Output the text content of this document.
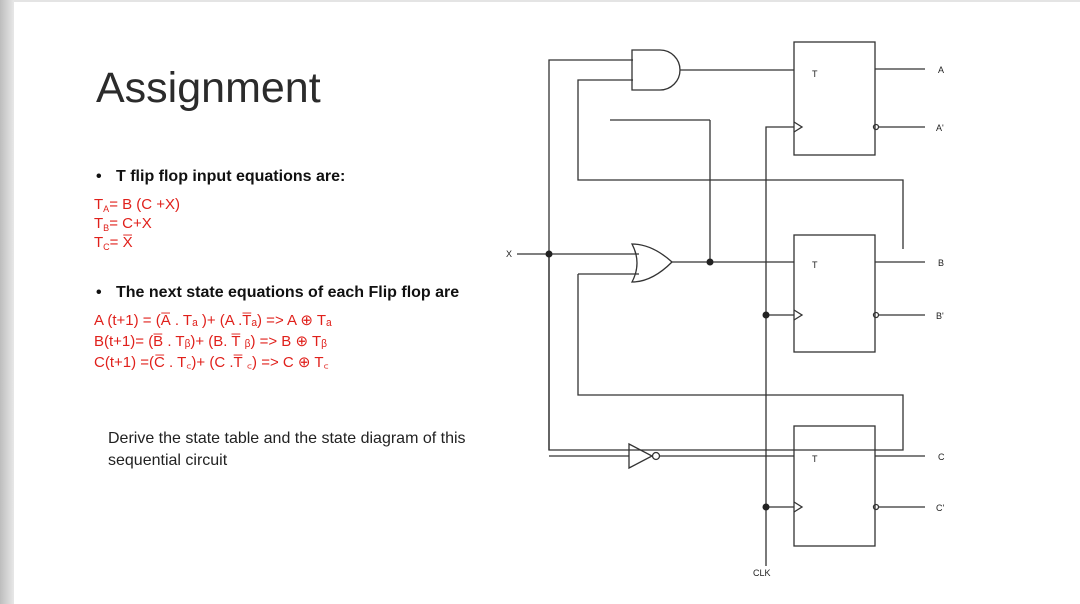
Assignment
• T flip flop input equations are:
$T_A= B$ (C +X)
$T_B= C+X$
$T_C=$ X̅
• The next state equations of each Flip flop are
A (t+1) = (A̅ . Tₐ )+ (A .T̅ₐ) => A ⊕ Tₐ
B(t+1)= (B̅ . Tᵦ)+ (B. T̅ ᵦ) => B ⊕ Tᵦ
C(t+1) =(C̅ . T꜀)+ (C .T̅ ꜀) => C ⊕ T꜀

Derive the state table and the state diagram of this sequential circuit

X
T
T
T
A
A'
B
B'
C
C'
CLK
